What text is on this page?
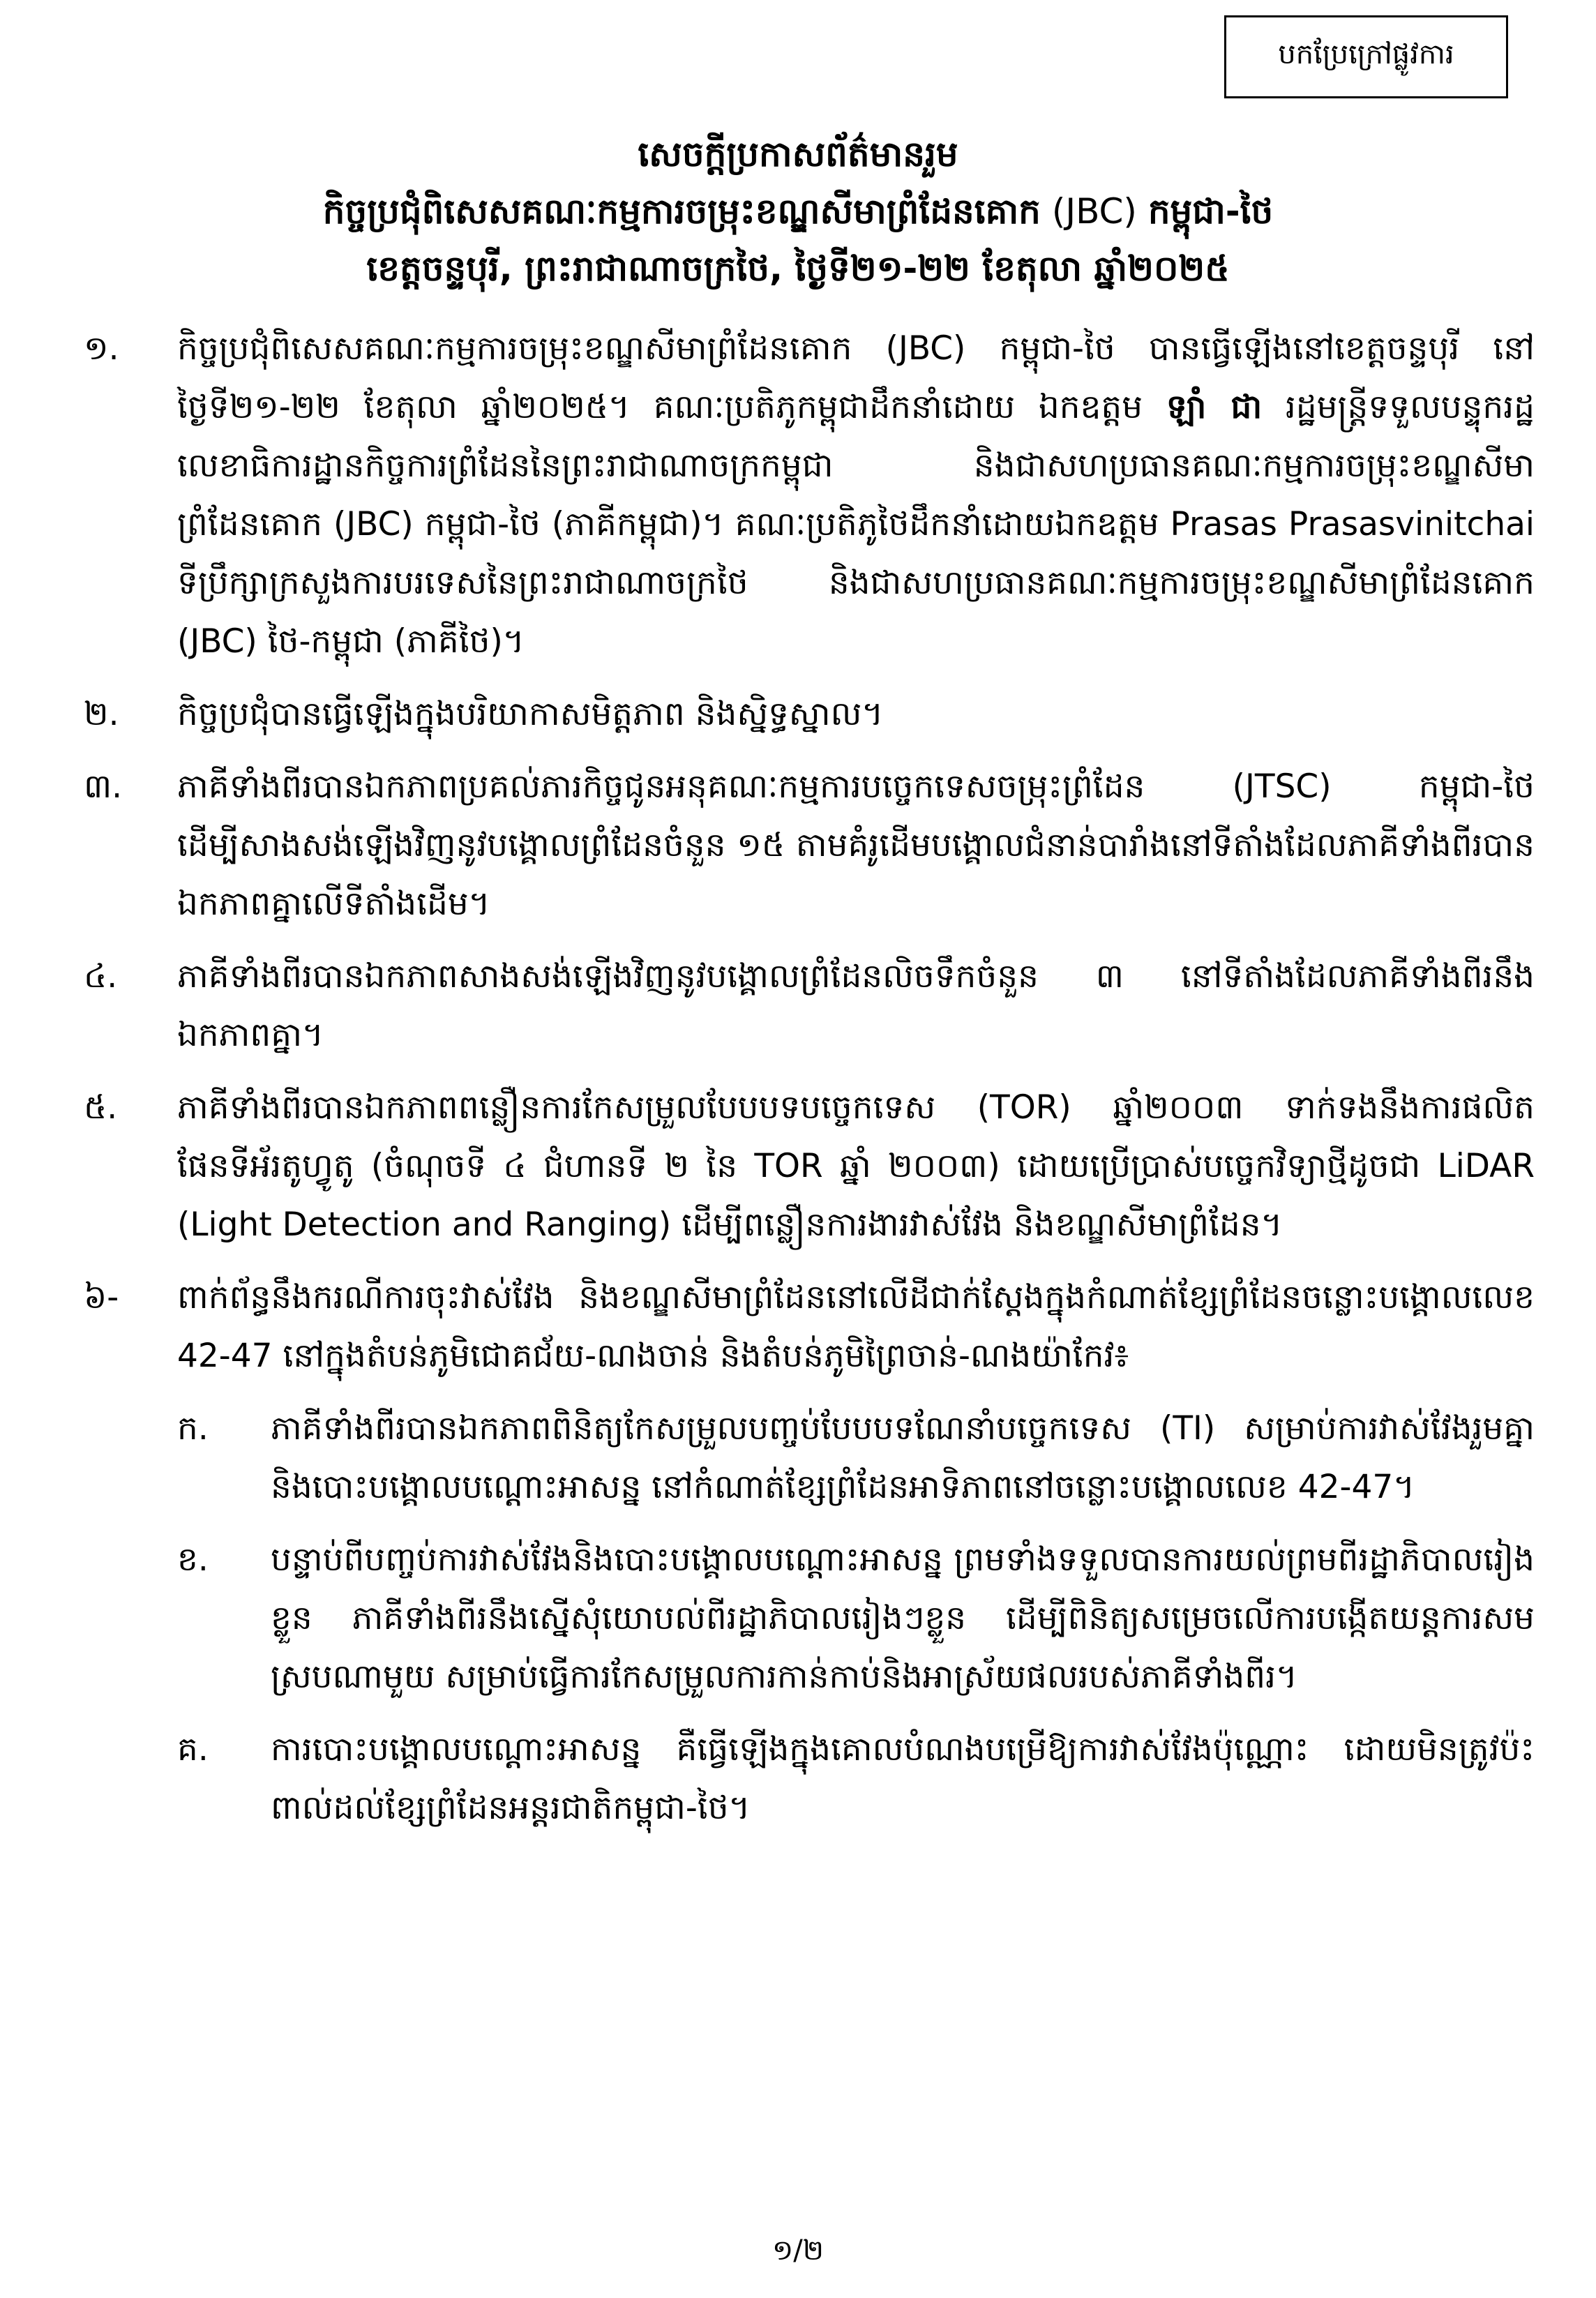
បកប្រែក្រៅផ្លូវការ
សេចក្តីប្រកាសព័ត៌មានរួម
កិច្ចប្រជុំពិសេសគណៈកម្មការចម្រុះខណ្ឌសីមាព្រំដែនគោក (JBC) កម្ពុជា-ថៃ
ខេត្តចន្ទបុរី, ព្រះរាជាណាចក្រថៃ, ថ្ងៃទី២១-២២ ខែតុលា ឆ្នាំ២០២៥
១.	កិច្ចប្រជុំពិសេសគណៈកម្មការចម្រុះខណ្ឌសីមាព្រំដែនគោក (JBC) កម្ពុជា-ថៃ បានធ្វើឡើងនៅខេត្តចន្ទបុរី នៅថ្ងៃទី២១-២២ ខែតុលា ឆ្នាំ២០២៥។ គណៈប្រតិភូកម្ពុជាដឹកនាំដោយ ឯកឧត្តម ឡាំ ជា រដ្ឋមន្ត្រីទទួលបន្ទុករដ្ឋលេខាធិការដ្ឋានកិច្ចការព្រំដែននៃព្រះរាជាណាចក្រកម្ពុជា និងជាសហប្រធានគណៈកម្មការចម្រុះខណ្ឌសីមាព្រំដែនគោក (JBC) កម្ពុជា-ថៃ (ភាគីកម្ពុជា)។ គណៈប្រតិភូថៃដឹកនាំដោយឯកឧត្តម Prasas Prasasvinitchai ទីប្រឹក្សាក្រសួងការបរទេសនៃព្រះរាជាណាចក្រថៃ និងជាសហប្រធានគណៈកម្មការចម្រុះខណ្ឌសីមាព្រំដែនគោក (JBC) ថៃ-កម្ពុជា (ភាគីថៃ)។
២.	កិច្ចប្រជុំបានធ្វើឡើងក្នុងបរិយាកាសមិត្តភាព និងស្និទ្ធស្នាល។
៣.	ភាគីទាំងពីរបានឯកភាពប្រគល់ភារកិច្ចជូនអនុគណៈកម្មការបច្ចេកទេសចម្រុះព្រំដែន (JTSC) កម្ពុជា-ថៃ ដើម្បីសាងសង់ឡើងវិញនូវបង្គោលព្រំដែនចំនួន ១៥ តាមគំរូដើមបង្គោលជំនាន់បារាំងនៅទីតាំងដែលភាគីទាំងពីរបានឯកភាពគ្នាលើទីតាំងដើម។
៤.	ភាគីទាំងពីរបានឯកភាពសាងសង់ឡើងវិញនូវបង្គោលព្រំដែនលិចទឹកចំនួន ៣ នៅទីតាំងដែលភាគីទាំងពីរនឹងឯកភាពគ្នា។
៥.	ភាគីទាំងពីរបានឯកភាពពន្លឿនការកែសម្រួលបែបបទបច្ចេកទេស (TOR) ឆ្នាំ២០០៣ ទាក់ទងនឹងការផលិតផែនទីអ័រតូហ្វូតូ (ចំណុចទី ៤ ជំហានទី ២ នៃ TOR ឆ្នាំ ២០០៣) ដោយប្រើប្រាស់បច្ចេកវិទ្យាថ្មីដូចជា LiDAR (Light Detection and Ranging) ដើម្បីពន្លឿនការងារវាស់វែង និងខណ្ឌសីមាព្រំដែន។
៦-	ពាក់ព័ន្ធនឹងករណីការចុះវាស់វែង និងខណ្ឌសីមាព្រំដែននៅលើដីជាក់ស្តែងក្នុងកំណាត់ខ្សែព្រំដែនចន្លោះបង្គោលលេខ 42-47 នៅក្នុងតំបន់ភូមិជោគជ័យ-ណងចាន់ និងតំបន់ភូមិព្រៃចាន់-ណងយ៉ាកែវ៖
ក.	ភាគីទាំងពីរបានឯកភាពពិនិត្យកែសម្រួលបញ្ចប់បែបបទណែនាំបច្ចេកទេស (TI) សម្រាប់ការវាស់វែងរួមគ្នា និងបោះបង្គោលបណ្តោះអាសន្ន នៅកំណាត់ខ្សែព្រំដែនអាទិភាពនៅចន្លោះបង្គោលលេខ 42-47។
ខ.	បន្ទាប់ពីបញ្ចប់ការវាស់វែងនិងបោះបង្គោលបណ្តោះអាសន្ន ព្រមទាំងទទួលបានការយល់ព្រមពីរដ្ឋាភិបាលរៀងខ្លួន ភាគីទាំងពីរនឹងស្នើសុំយោបល់ពីរដ្ឋាភិបាលរៀងៗខ្លួន ដើម្បីពិនិត្យសម្រេចលើការបង្កើតយន្តការសមស្របណាមួយ សម្រាប់ធ្វើការកែសម្រួលការកាន់កាប់និងអាស្រ័យផលរបស់ភាគីទាំងពីរ។
គ.	ការបោះបង្គោលបណ្តោះអាសន្ន គឺធ្វើឡើងក្នុងគោលបំណងបម្រើឱ្យការវាស់វែងប៉ុណ្ណោះ ដោយមិនត្រូវប៉ះពាល់ដល់ខ្សែព្រំដែនអន្តរជាតិកម្ពុជា-ថៃ។
១/២
